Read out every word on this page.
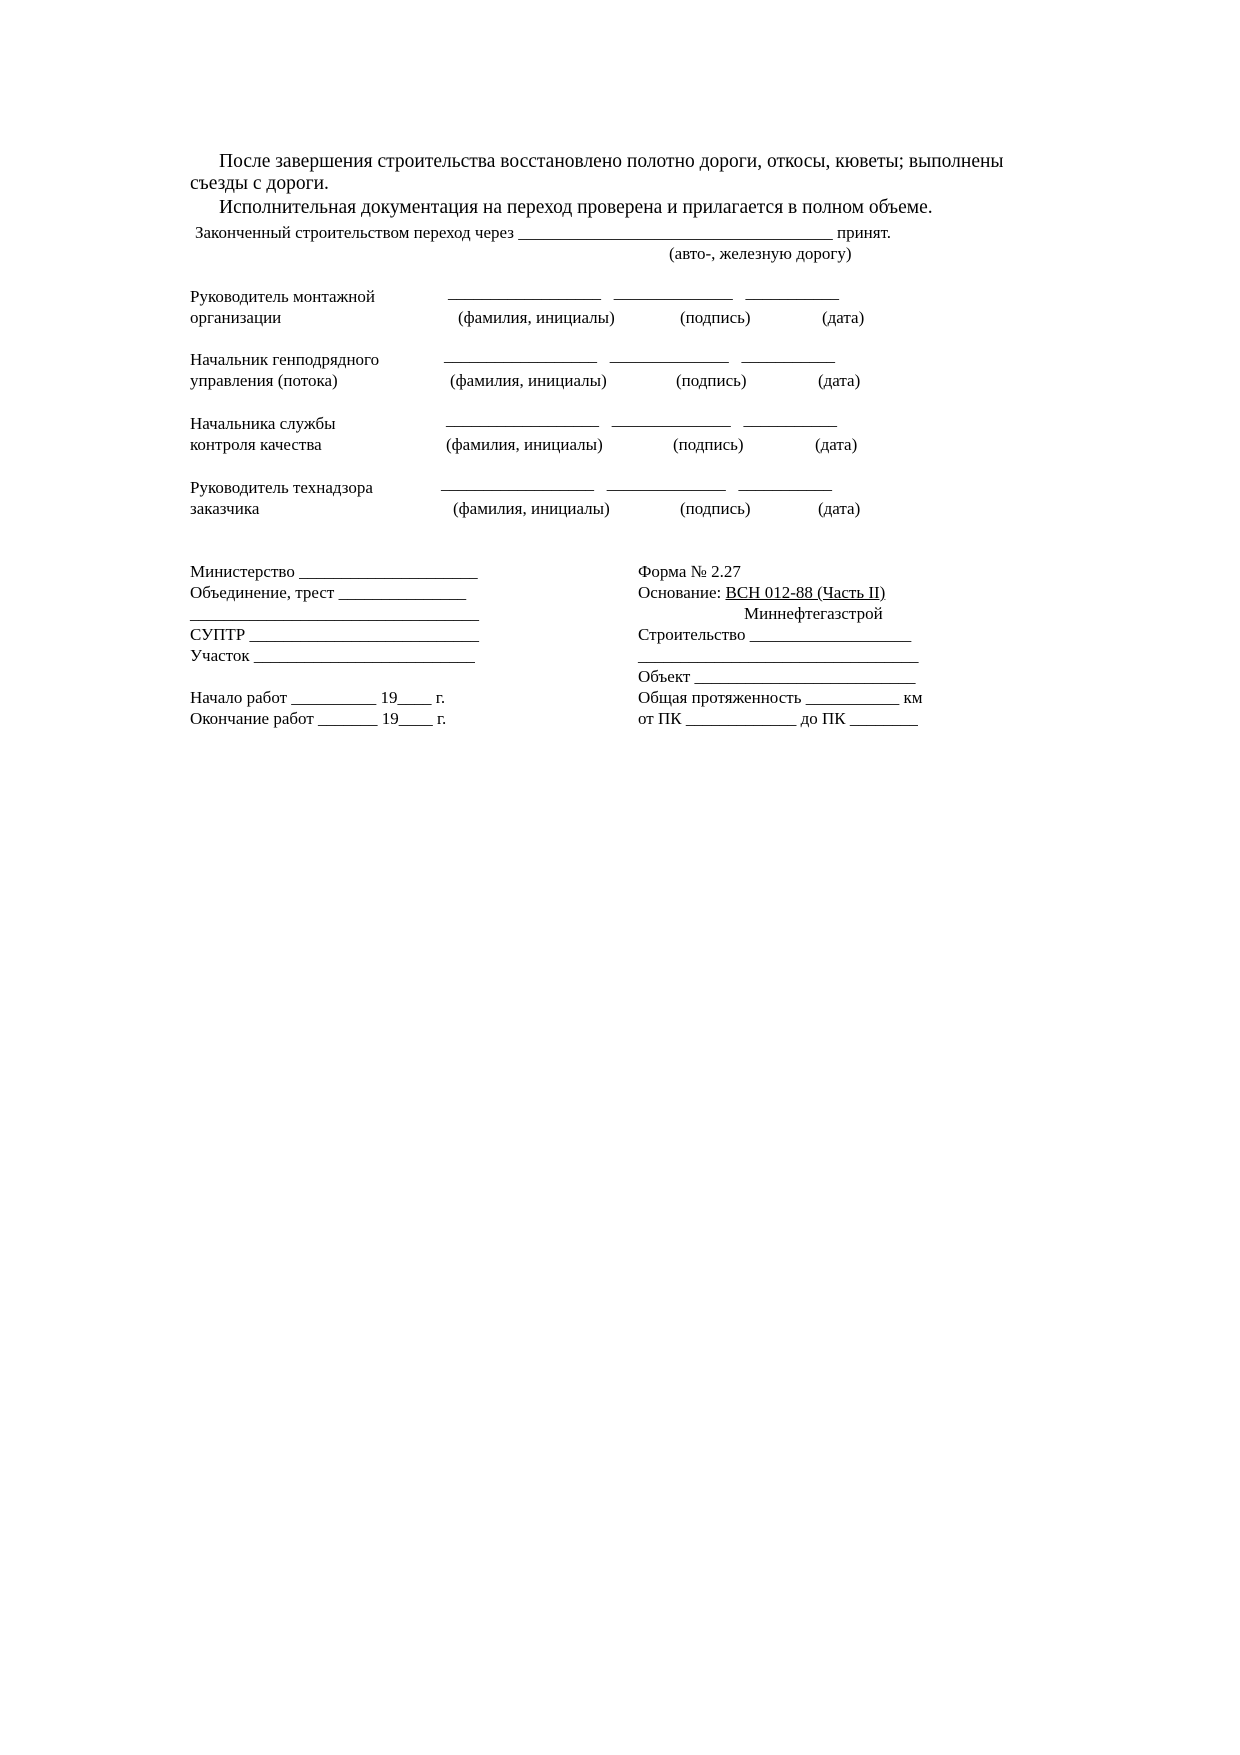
После завершения строительства восстановлено полотно дороги, откосы, кюветы; выполнены
съезды с дороги.
Исполнительная документация на переход проверена и прилагается в полном объеме.
Законченный строительством переход через _____________________________________ принят.
(авто-, железную дорогу)
Руководитель монтажной	__________________   ______________   ___________
организации	(фамилия, инициалы)	(подпись)	(дата)
Начальник генподрядного	__________________   ______________   ___________
управления (потока)	(фамилия, инициалы)	(подпись)	(дата)
Начальника службы	__________________   ______________   ___________
контроля качества	(фамилия, инициалы)	(подпись)	(дата)
Руководитель технадзора	__________________   ______________   ___________
заказчика	(фамилия, инициалы)	(подпись)	(дата)
Министерство _____________________
Объединение, трест _______________
__________________________________
СУПТР ___________________________
Участок __________________________
Начало работ __________ 19____ г.
Окончание работ _______ 19____ г.
Форма № 2.27
Основание: ВСН 012-88 (Часть II)
Миннефтегазстрой
Строительство ___________________
_________________________________
Объект __________________________
Общая протяженность ___________ км
от ПК _____________ до ПК ________
